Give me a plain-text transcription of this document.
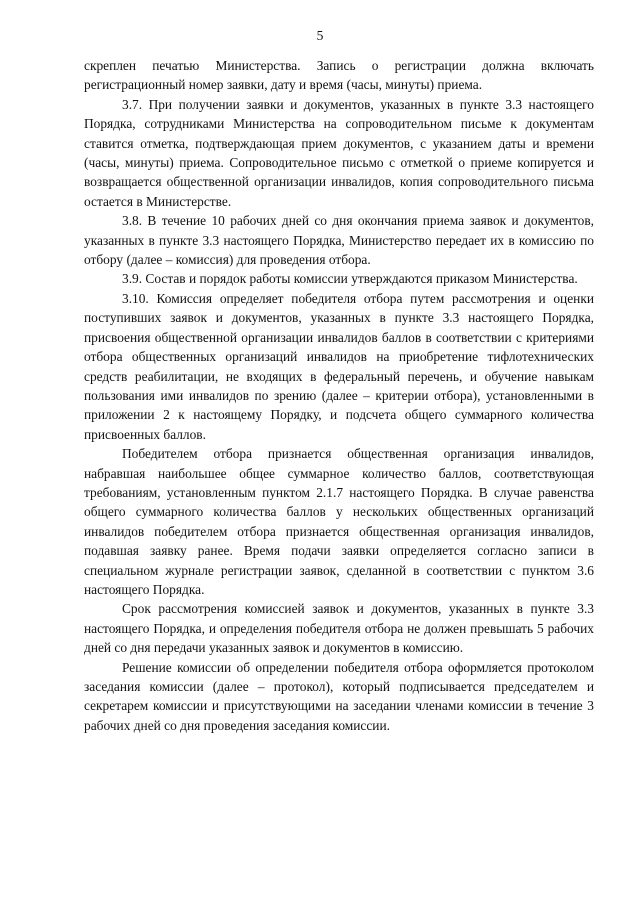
5

скреплен печатью Министерства. Запись о регистрации должна включать регистрационный номер заявки, дату и время (часы, минуты) приема.

3.7. При получении заявки и документов, указанных в пункте 3.3 настоящего Порядка, сотрудниками Министерства на сопроводительном письме к документам ставится отметка, подтверждающая прием документов, с указанием даты и времени (часы, минуты) приема. Сопроводительное письмо с отметкой о приеме копируется и возвращается общественной организации инвалидов, копия сопроводительного письма остается в Министерстве.

3.8. В течение 10 рабочих дней со дня окончания приема заявок и документов, указанных в пункте 3.3 настоящего Порядка, Министерство передает их в комиссию по отбору (далее – комиссия) для проведения отбора.

3.9. Состав и порядок работы комиссии утверждаются приказом Министерства.

3.10. Комиссия определяет победителя отбора путем рассмотрения и оценки поступивших заявок и документов, указанных в пункте 3.3 настоящего Порядка, присвоения общественной организации инвалидов баллов в соответствии с критериями отбора общественных организаций инвалидов на приобретение тифлотехнических средств реабилитации, не входящих в федеральный перечень, и обучение навыкам пользования ими инвалидов по зрению (далее – критерии отбора), установленными в приложении 2 к настоящему Порядку, и подсчета общего суммарного количества присвоенных баллов.

Победителем отбора признается общественная организация инвалидов, набравшая наибольшее общее суммарное количество баллов, соответствующая требованиям, установленным пунктом 2.1.7 настоящего Порядка. В случае равенства общего суммарного количества баллов у нескольких общественных организаций инвалидов победителем отбора признается общественная организация инвалидов, подавшая заявку ранее. Время подачи заявки определяется согласно записи в специальном журнале регистрации заявок, сделанной в соответствии с пунктом 3.6 настоящего Порядка.

Срок рассмотрения комиссией заявок и документов, указанных в пункте 3.3 настоящего Порядка, и определения победителя отбора не должен превышать 5 рабочих дней со дня передачи указанных заявок и документов в комиссию.

Решение комиссии об определении победителя отбора оформляется протоколом заседания комиссии (далее – протокол), который подписывается председателем и секретарем комиссии и присутствующими на заседании членами комиссии в течение 3 рабочих дней со дня проведения заседания комиссии.
